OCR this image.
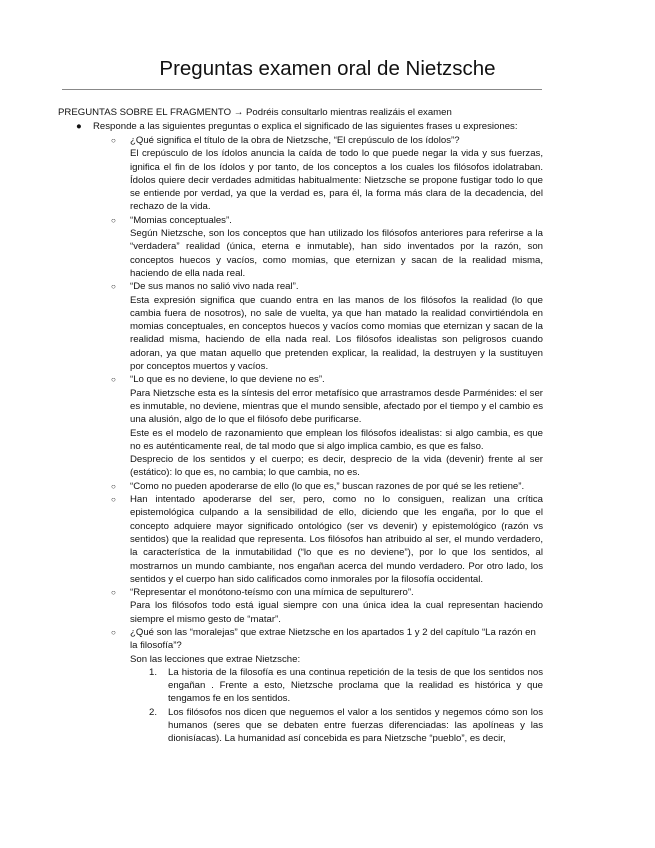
Preguntas examen oral de Nietzsche
PREGUNTAS SOBRE EL FRAGMENTO → Podréis consultarlo mientras realizáis el examen
● Responde a las siguientes preguntas o explica el significado de las siguientes frases u expresiones:
○ ¿Qué significa el título de la obra de Nietzsche, “El crepúsculo de los ídolos”?

El crepúsculo de los ídolos anuncia la caída de todo lo que puede negar la vida y sus fuerzas, ignifica el fin de los ídolos y por tanto, de los conceptos a los cuales los filósofos idolatraban. Ídolos quiere decir verdades admitidas habitualmente: Nietzsche se propone fustigar todo lo que se entiende por verdad, ya que la verdad es, para él, la forma más clara de la decadencia, del rechazo de la vida.

○ “Momias conceptuales”.

Según Nietzsche, son los conceptos que han utilizado los filósofos anteriores para referirse a la “verdadera” realidad (única, eterna e inmutable), han sido inventados por la razón, son conceptos huecos y vacíos, como momias, que eternizan y sacan de la realidad misma, haciendo de ella nada real.

○ “De sus manos no salió vivo nada real”.

Esta expresión significa que cuando entra en las manos de los filósofos la realidad (lo que cambia fuera de nosotros), no sale de vuelta, ya que han matado la realidad convirtiéndola en momias conceptuales, en conceptos huecos y vacíos como momias que eternizan y sacan de la realidad misma, haciendo de ella nada real. Los filósofos idealistas son peligrosos cuando adoran, ya que matan aquello que pretenden explicar, la realidad, la destruyen y la sustituyen por conceptos muertos y vacíos.

○ “Lo que es no deviene, lo que deviene no es”.

Para Nietzsche esta es la síntesis del error metafísico que arrastramos desde Parménides: el ser es inmutable, no deviene, mientras que el mundo sensible, afectado por el tiempo y el cambio es una alusión, algo de lo que el filósofo debe purificarse.

Este es el modelo de razonamiento que emplean los filósofos idealistas: si algo cambia, es que no es auténticamente real, de tal modo que si algo implica cambio, es que es falso.

Desprecio de los sentidos y el cuerpo; es decir, desprecio de la vida (devenir) frente al ser (estático): lo que es, no cambia; lo que cambia, no es.

○ “Como no pueden apoderarse de ello (lo que es,” buscan razones de por qué se les retiene”.

○ Han intentado apoderarse del ser, pero, como no lo consiguen, realizan una crítica epistemológica culpando a la sensibilidad de ello, diciendo que les engaña, por lo que el concepto adquiere mayor significado ontológico (ser vs devenir) y epistemológico (razón vs sentidos) que la realidad que representa. Los filósofos han atribuido al ser, el mundo verdadero, la característica de la inmutabilidad (“lo que es no deviene”), por lo que los sentidos, al mostrarnos un mundo cambiante, nos engañan acerca del mundo verdadero. Por otro lado, los sentidos y el cuerpo han sido calificados como inmorales por la filosofía occidental.

○ “Representar el monótono-teísmo con una mímica de sepulturero”.

Para los filósofos todo está igual siempre con una única idea la cual representan haciendo siempre el mismo gesto de “matar”.

○ ¿Qué son las “moralejas” que extrae Nietzsche en los apartados 1 y 2 del capítulo “La razón en la filosofía”?

Son las lecciones que extrae Nietzsche:

1. La historia de la filosofía es una continua repetición de la tesis de que los sentidos nos engañan . Frente a esto, Nietzsche proclama que la realidad es histórica y que tengamos fe en los sentidos.

2. Los filósofos nos dicen que neguemos el valor a los sentidos y negemos cómo son los humanos (seres que se debaten entre fuerzas diferenciadas: las apolíneas y las dionisíacas). La humanidad así concebida es para Nietzsche “pueblo”, es decir,
